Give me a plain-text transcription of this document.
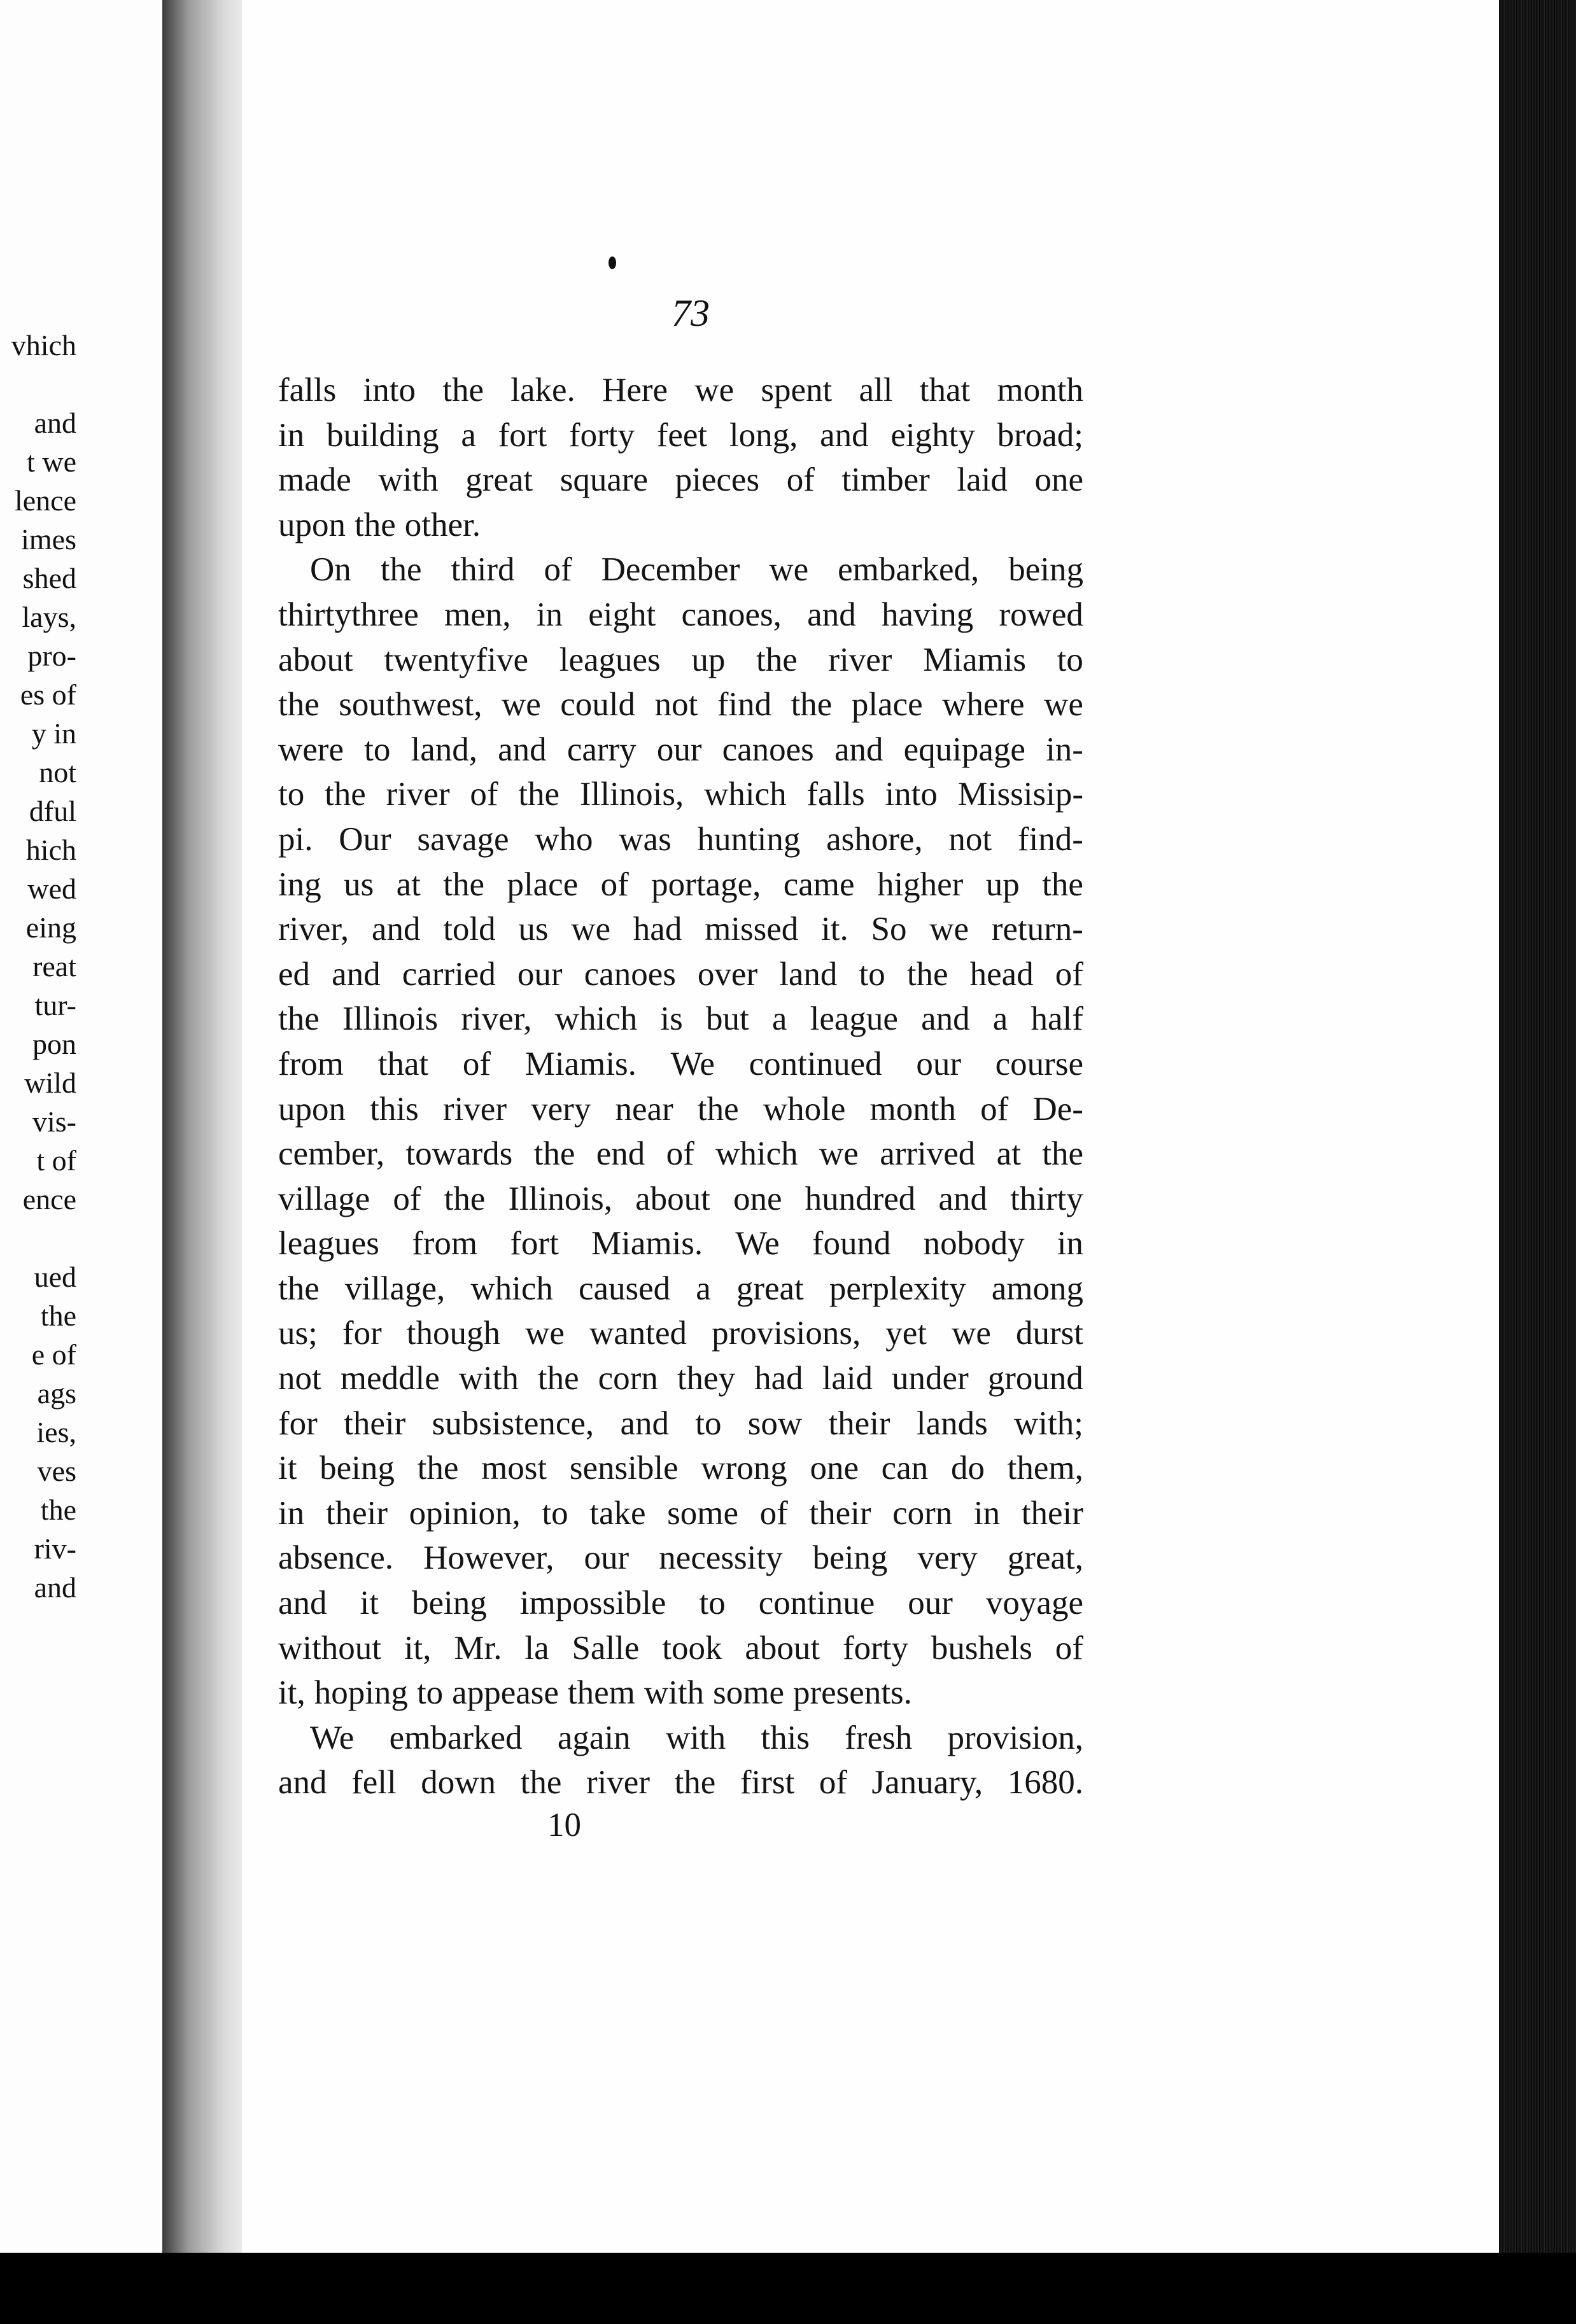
vhich
and
t we
lence
imes
shed
lays,
pro-
es of
y in
not
dful
hich
wed
eing
reat
tur-
pon
wild
vis-
t of
ence
ued
the
e of
ags
ies,
ves
the
riv-
and
73
falls into the lake. Here we spent all that month
in building a fort forty feet long, and eighty broad;
made with great square pieces of timber laid one
upon the other.
On the third of December we embarked, being
thirtythree men, in eight canoes, and having rowed
about twentyfive leagues up the river Miamis to
the southwest, we could not find the place where we
were to land, and carry our canoes and equipage in-
to the river of the Illinois, which falls into Missisip-
pi. Our savage who was hunting ashore, not find-
ing us at the place of portage, came higher up the
river, and told us we had missed it. So we return-
ed and carried our canoes over land to the head of
the Illinois river, which is but a league and a half
from that of Miamis. We continued our course
upon this river very near the whole month of De-
cember, towards the end of which we arrived at the
village of the Illinois, about one hundred and thirty
leagues from fort Miamis. We found nobody in
the village, which caused a great perplexity among
us; for though we wanted provisions, yet we durst
not meddle with the corn they had laid under ground
for their subsistence, and to sow their lands with;
it being the most sensible wrong one can do them,
in their opinion, to take some of their corn in their
absence. However, our necessity being very great,
and it being impossible to continue our voyage
without it, Mr. la Salle took about forty bushels of
it, hoping to appease them with some presents.
We embarked again with this fresh provision,
and fell down the river the first of January, 1680.
10
